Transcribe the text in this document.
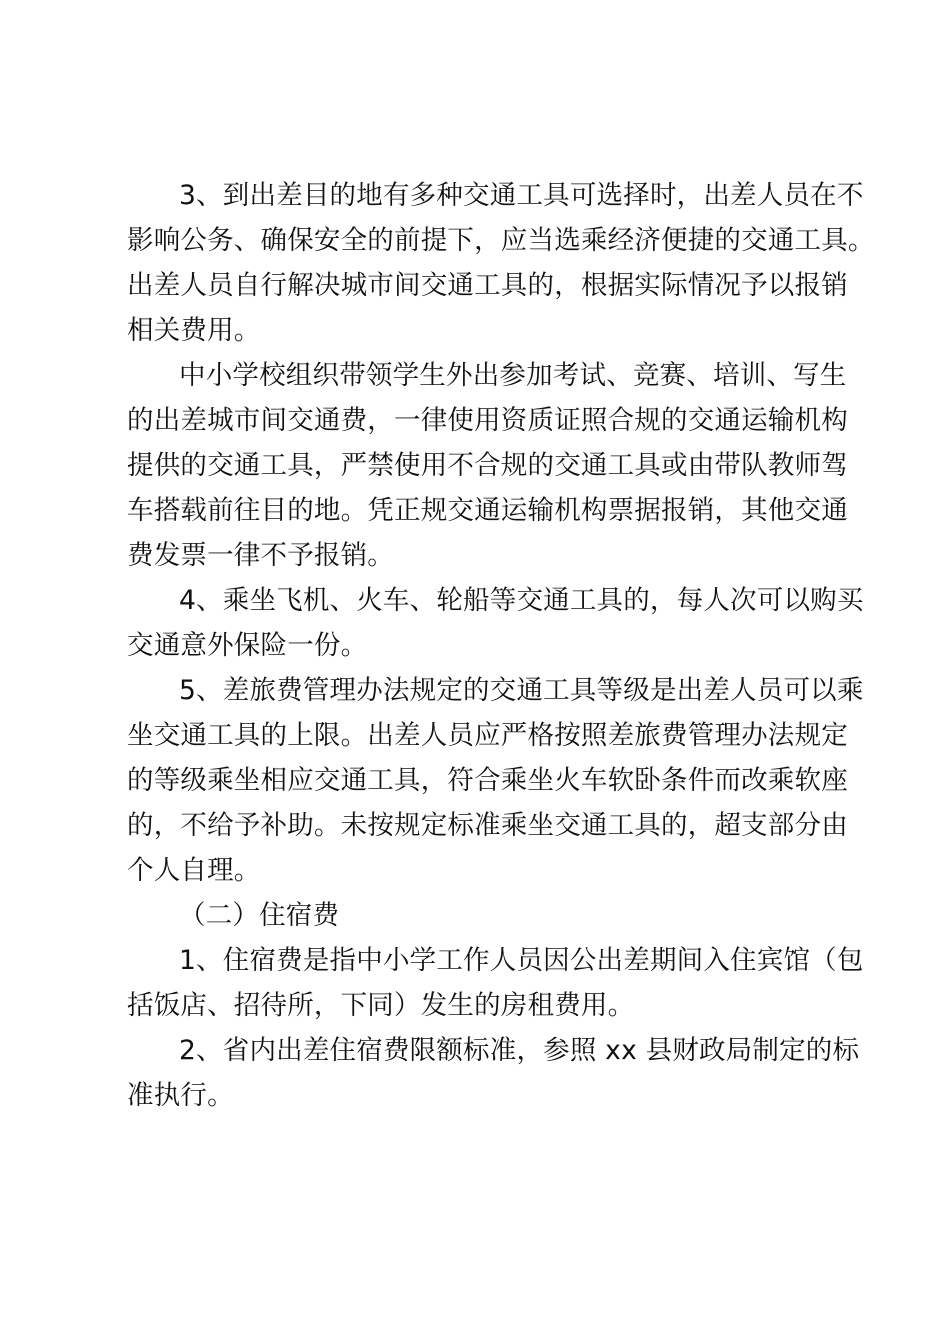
3、到出差目的地有多种交通工具可选择时，出差人员在不
影响公务、确保安全的前提下，应当选乘经济便捷的交通工具。
出差人员自行解决城市间交通工具的，根据实际情况予以报销
相关费用。
中小学校组织带领学生外出参加考试、竞赛、培训、写生
的出差城市间交通费，一律使用资质证照合规的交通运输机构
提供的交通工具，严禁使用不合规的交通工具或由带队教师驾
车搭载前往目的地。凭正规交通运输机构票据报销，其他交通
费发票一律不予报销。
4、乘坐飞机、火车、轮船等交通工具的，每人次可以购买
交通意外保险一份。
5、差旅费管理办法规定的交通工具等级是出差人员可以乘
坐交通工具的上限。出差人员应严格按照差旅费管理办法规定
的等级乘坐相应交通工具，符合乘坐火车软卧条件而改乘软座
的，不给予补助。未按规定标准乘坐交通工具的，超支部分由
个人自理。
（二）住宿费
1、住宿费是指中小学工作人员因公出差期间入住宾馆（包
括饭店、招待所，下同）发生的房租费用。
2、省内出差住宿费限额标准，参照 xx 县财政局制定的标
准执行。
